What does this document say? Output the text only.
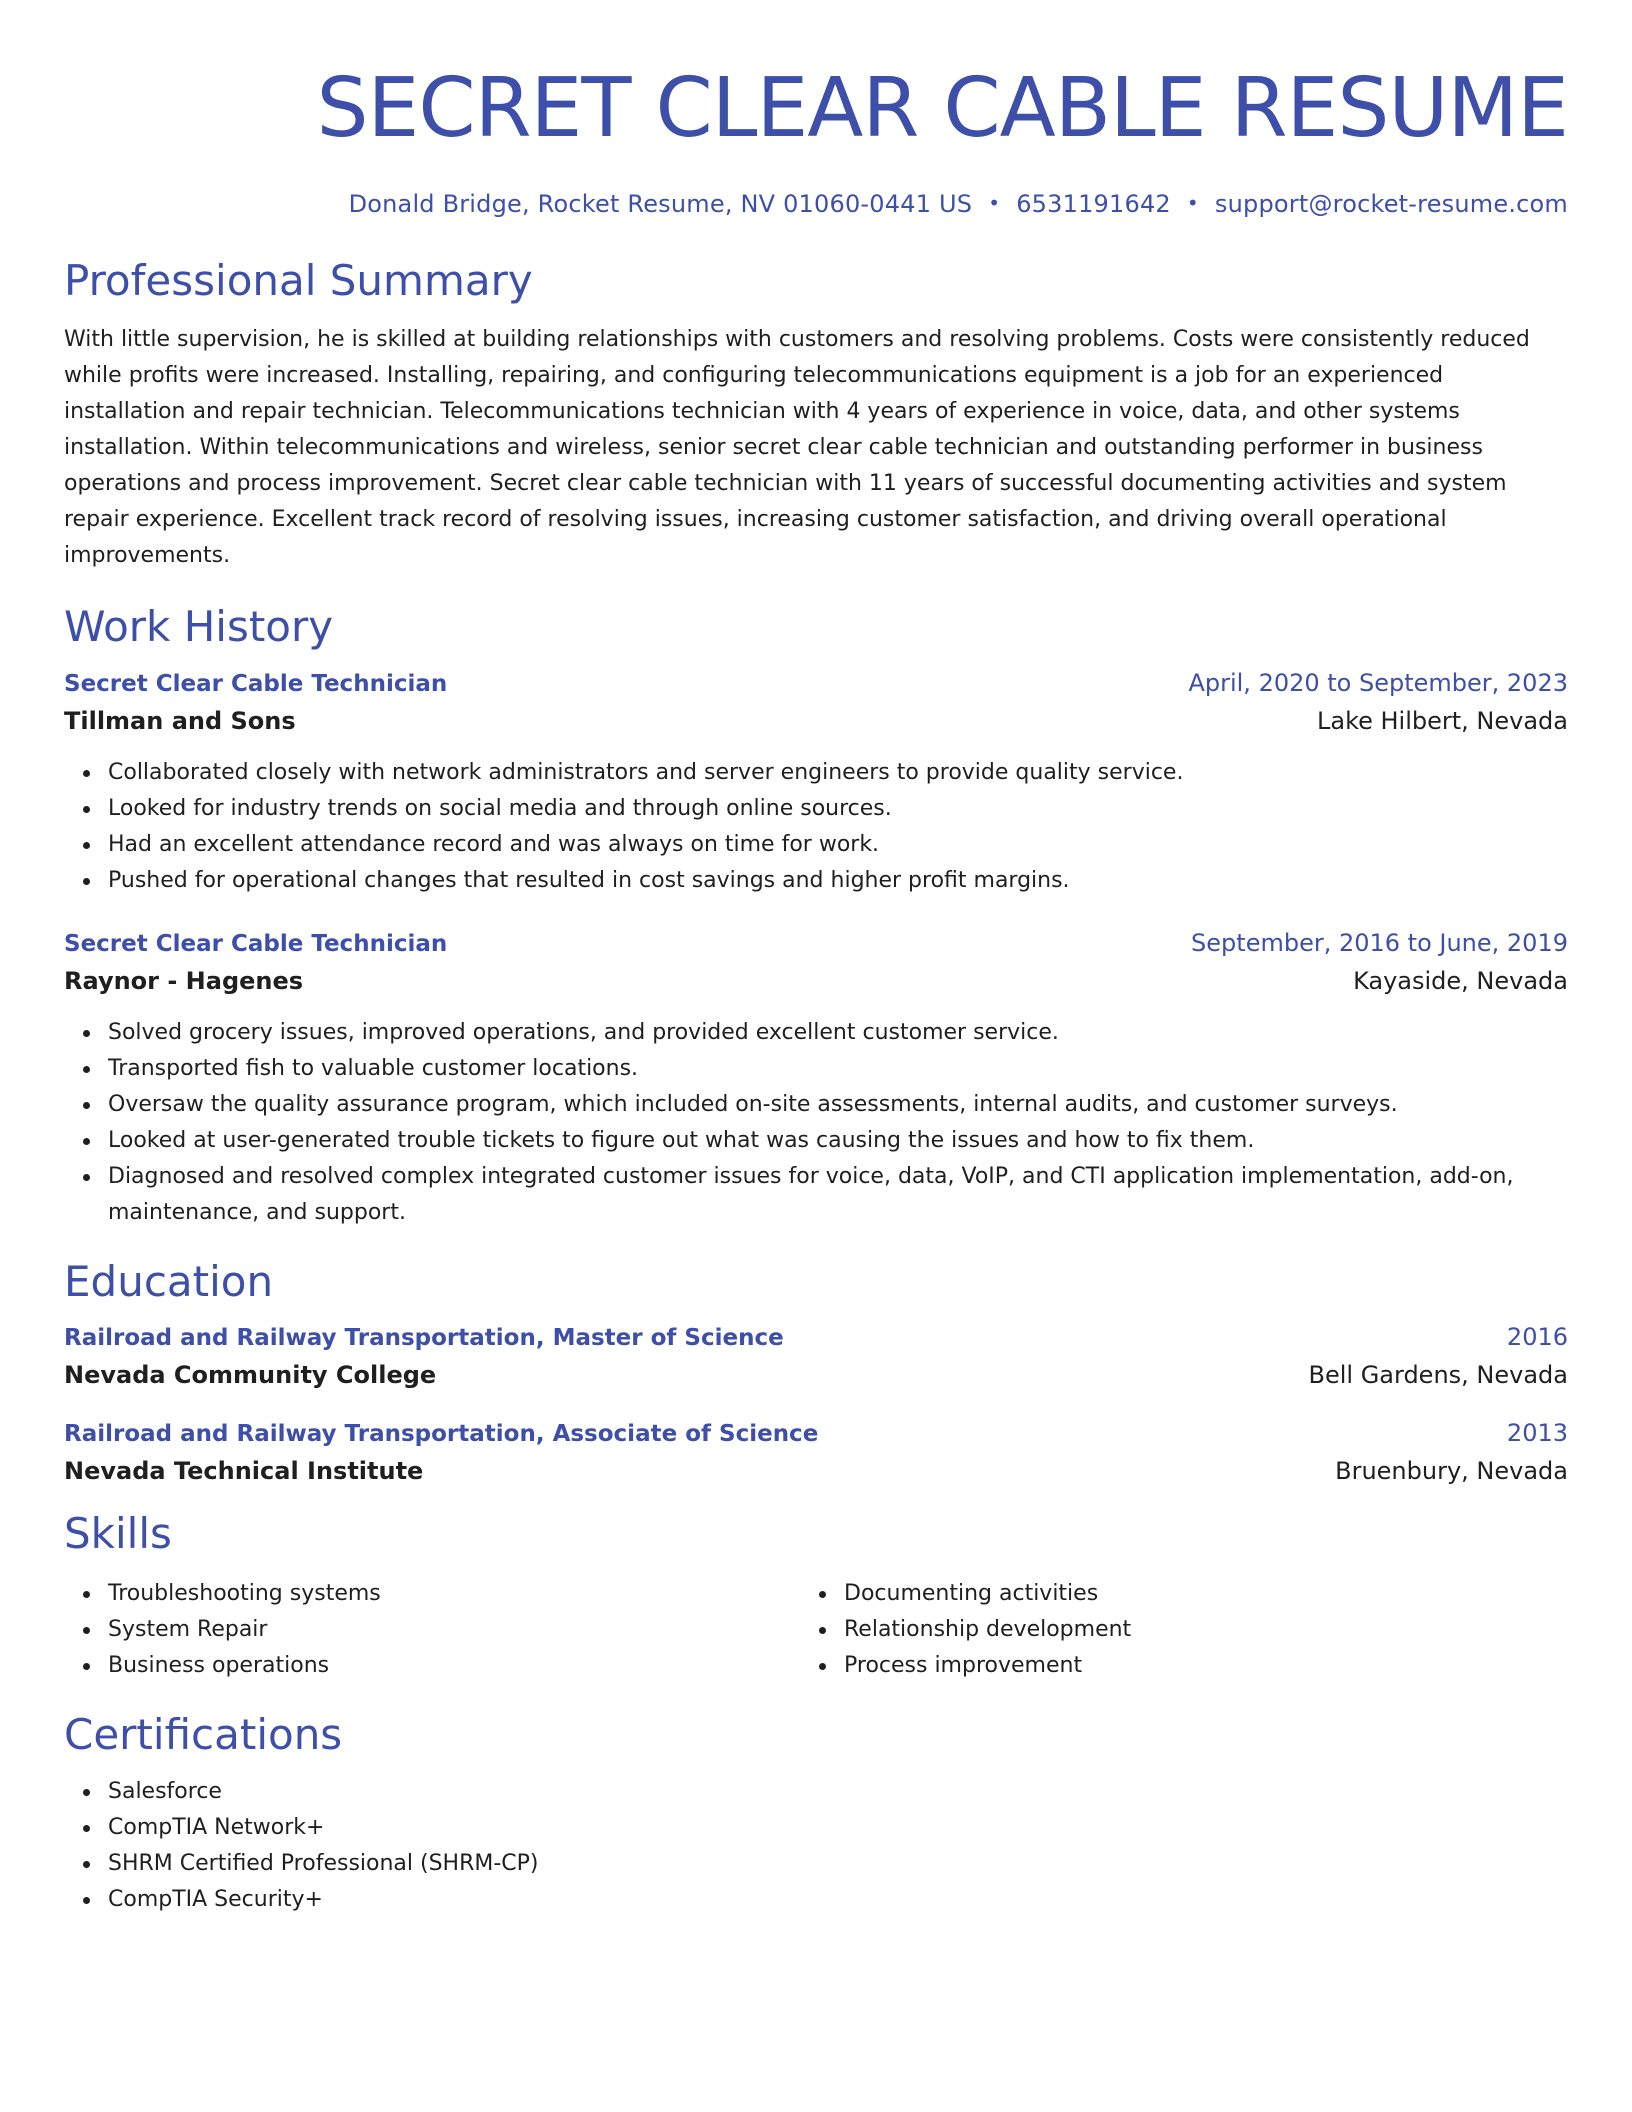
SECRET CLEAR CABLE RESUME
Donald Bridge, Rocket Resume, NV 01060-0441 US • 6531191642 • support@rocket-resume.com
Professional Summary
With little supervision, he is skilled at building relationships with customers and resolving problems. Costs were consistently reduced while profits were increased. Installing, repairing, and configuring telecommunications equipment is a job for an experienced installation and repair technician. Telecommunications technician with 4 years of experience in voice, data, and other systems installation. Within telecommunications and wireless, senior secret clear cable technician and outstanding performer in business operations and process improvement. Secret clear cable technician with 11 years of successful documenting activities and system repair experience. Excellent track record of resolving issues, increasing customer satisfaction, and driving overall operational improvements.
Work History
Secret Clear Cable Technician	April, 2020 to September, 2023
Tillman and Sons	Lake Hilbert, Nevada
Collaborated closely with network administrators and server engineers to provide quality service.
Looked for industry trends on social media and through online sources.
Had an excellent attendance record and was always on time for work.
Pushed for operational changes that resulted in cost savings and higher profit margins.
Secret Clear Cable Technician	September, 2016 to June, 2019
Raynor - Hagenes	Kayaside, Nevada
Solved grocery issues, improved operations, and provided excellent customer service.
Transported fish to valuable customer locations.
Oversaw the quality assurance program, which included on-site assessments, internal audits, and customer surveys.
Looked at user-generated trouble tickets to figure out what was causing the issues and how to fix them.
Diagnosed and resolved complex integrated customer issues for voice, data, VoIP, and CTI application implementation, add-on, maintenance, and support.
Education
Railroad and Railway Transportation, Master of Science	2016
Nevada Community College	Bell Gardens, Nevada
Railroad and Railway Transportation, Associate of Science	2013
Nevada Technical Institute	Bruenbury, Nevada
Skills
Troubleshooting systems
System Repair
Business operations
Documenting activities
Relationship development
Process improvement
Certifications
Salesforce
CompTIA Network+
SHRM Certified Professional (SHRM-CP)
CompTIA Security+
